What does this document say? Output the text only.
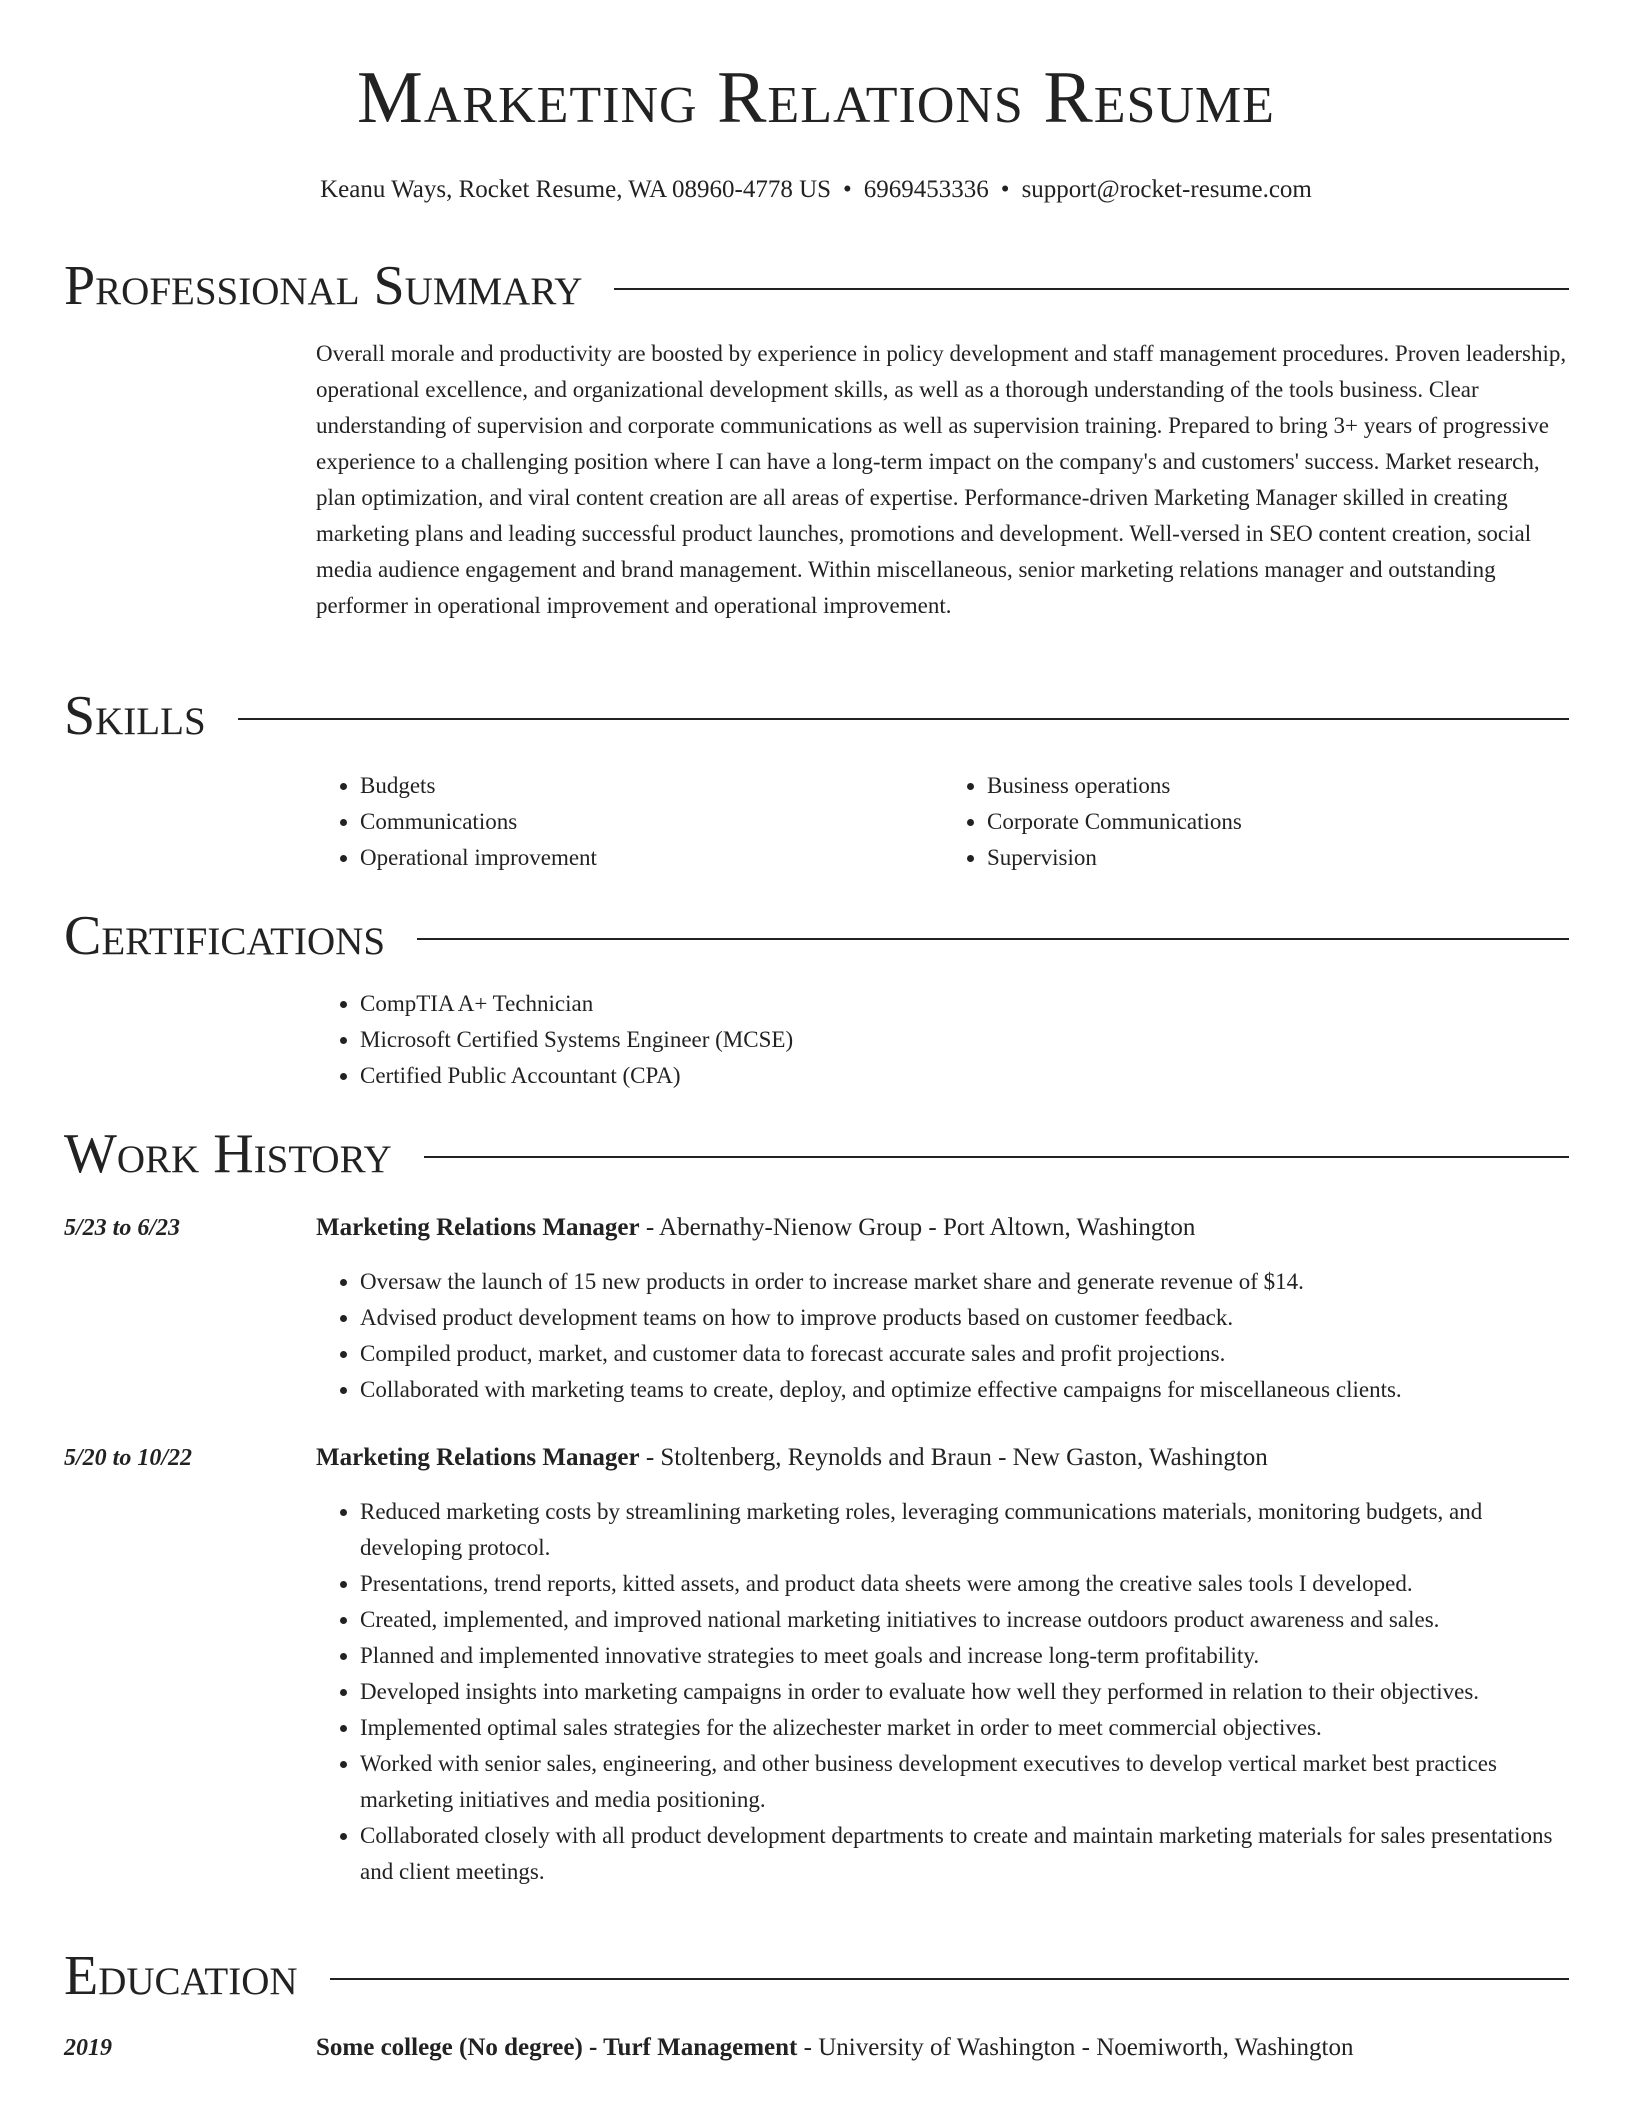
Marketing Relations Resume
Keanu Ways, Rocket Resume, WA 08960-4778 US • 6969453336 • support@rocket-resume.com
Professional Summary
Overall morale and productivity are boosted by experience in policy development and staff management procedures. Proven leadership, operational excellence, and organizational development skills, as well as a thorough understanding of the tools business. Clear understanding of supervision and corporate communications as well as supervision training. Prepared to bring 3+ years of progressive experience to a challenging position where I can have a long-term impact on the company's and customers' success. Market research, plan optimization, and viral content creation are all areas of expertise. Performance-driven Marketing Manager skilled in creating marketing plans and leading successful product launches, promotions and development. Well-versed in SEO content creation, social media audience engagement and brand management. Within miscellaneous, senior marketing relations manager and outstanding performer in operational improvement and operational improvement.
Skills
• Budgets
• Communications
• Operational improvement
• Business operations
• Corporate Communications
• Supervision
Certifications
• CompTIA A+ Technician
• Microsoft Certified Systems Engineer (MCSE)
• Certified Public Accountant (CPA)
Work History
5/23 to 6/23	Marketing Relations Manager - Abernathy-Nienow Group - Port Altown, Washington
• Oversaw the launch of 15 new products in order to increase market share and generate revenue of $14.
• Advised product development teams on how to improve products based on customer feedback.
• Compiled product, market, and customer data to forecast accurate sales and profit projections.
• Collaborated with marketing teams to create, deploy, and optimize effective campaigns for miscellaneous clients.
5/20 to 10/22	Marketing Relations Manager - Stoltenberg, Reynolds and Braun - New Gaston, Washington
• Reduced marketing costs by streamlining marketing roles, leveraging communications materials, monitoring budgets, and developing protocol.
• Presentations, trend reports, kitted assets, and product data sheets were among the creative sales tools I developed.
• Created, implemented, and improved national marketing initiatives to increase outdoors product awareness and sales.
• Planned and implemented innovative strategies to meet goals and increase long-term profitability.
• Developed insights into marketing campaigns in order to evaluate how well they performed in relation to their objectives.
• Implemented optimal sales strategies for the alizechester market in order to meet commercial objectives.
• Worked with senior sales, engineering, and other business development executives to develop vertical market best practices marketing initiatives and media positioning.
• Collaborated closely with all product development departments to create and maintain marketing materials for sales presentations and client meetings.
Education
2019	Some college (No degree) - Turf Management - University of Washington - Noemiworth, Washington
